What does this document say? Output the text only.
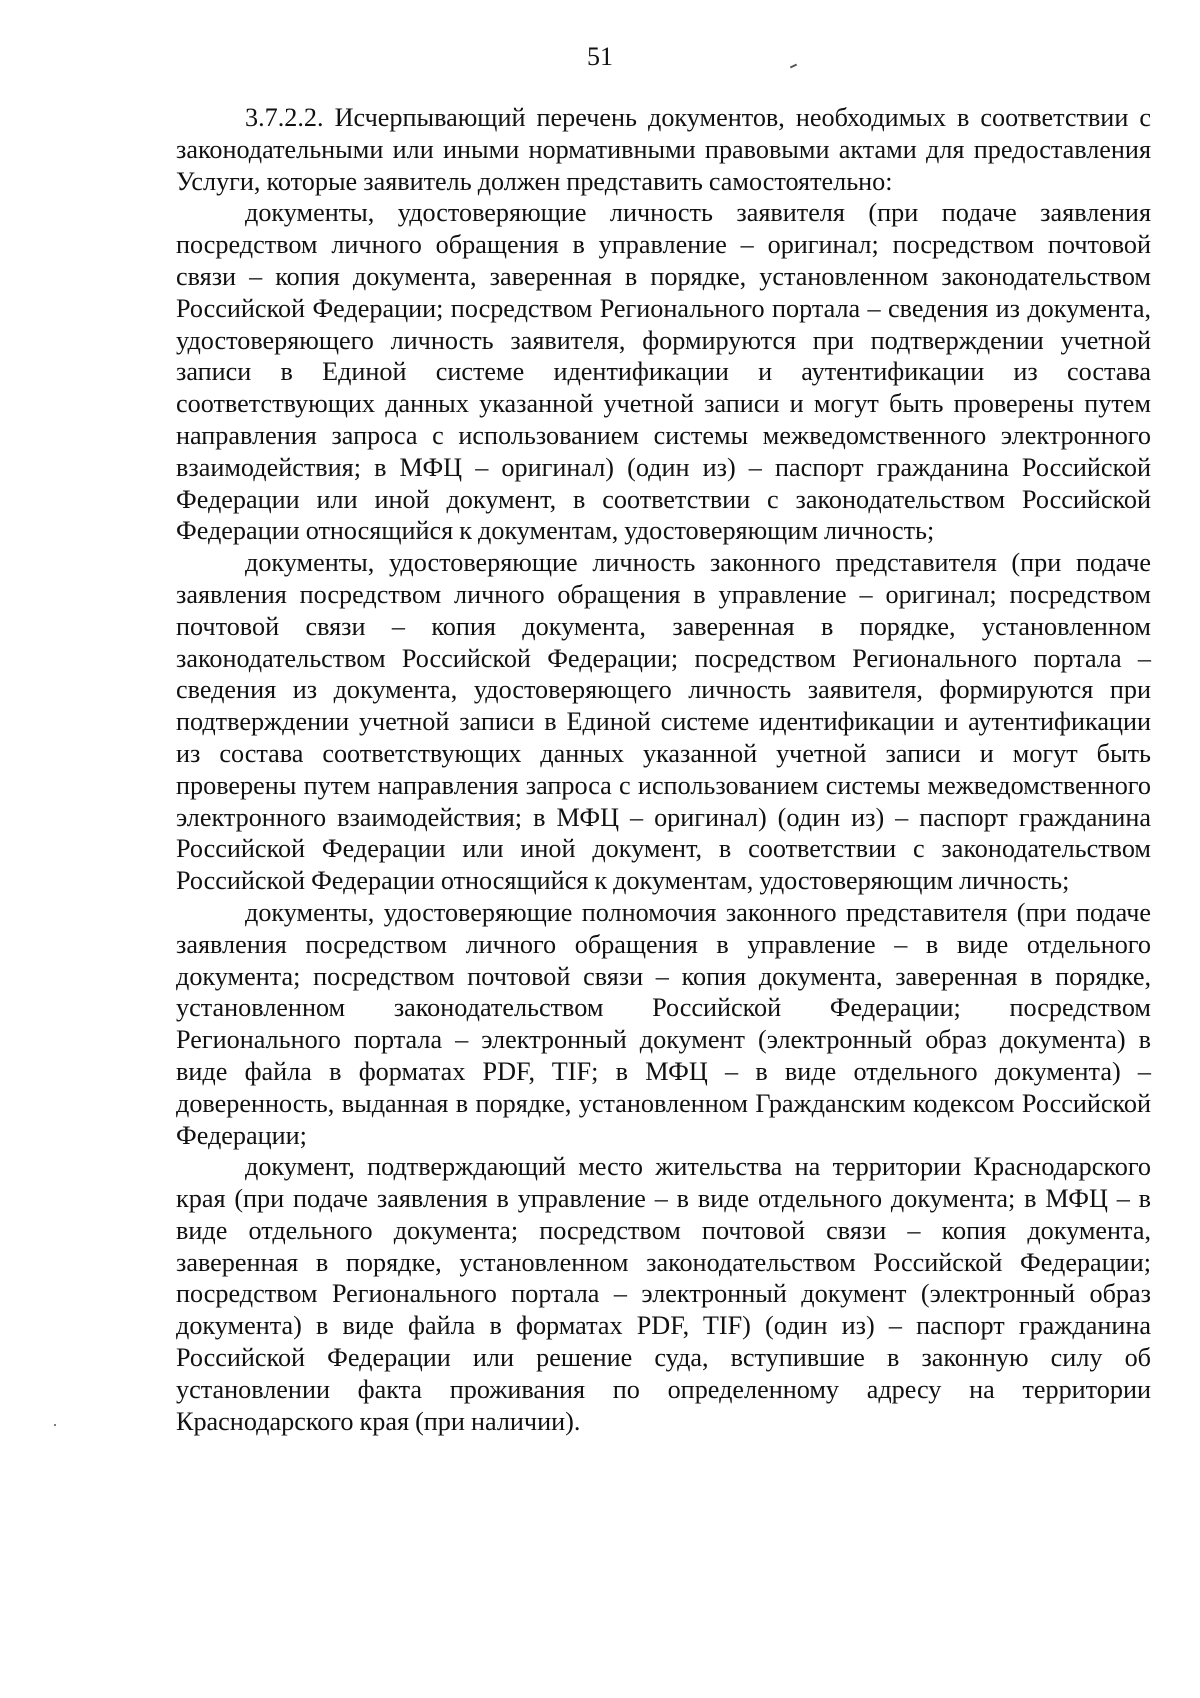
51

3.7.2.2. Исчерпывающий перечень документов, необходимых в соответствии с законодательными или иными нормативными правовыми актами для предоставления Услуги, которые заявитель должен представить самостоятельно:

документы, удостоверяющие личность заявителя (при подаче заявления посредством личного обращения в управление – оригинал; посредством почтовой связи – копия документа, заверенная в порядке, установленном законодательством Российской Федерации; посредством Регионального портала – сведения из документа, удостоверяющего личность заявителя, формируются при подтверждении учетной записи в Единой системе идентификации и аутентификации из состава соответствующих данных указанной учетной записи и могут быть проверены путем направления запроса с использованием системы межведомственного электронного взаимодействия; в МФЦ – оригинал) (один из) – паспорт гражданина Российской Федерации или иной документ, в соответствии с законодательством Российской Федерации относящийся к документам, удостоверяющим личность;

документы, удостоверяющие личность законного представителя (при подаче заявления посредством личного обращения в управление – оригинал; посредством почтовой связи – копия документа, заверенная в порядке, установленном законодательством Российской Федерации; посредством Регионального портала – сведения из документа, удостоверяющего личность заявителя, формируются при подтверждении учетной записи в Единой системе идентификации и аутентификации из состава соответствующих данных указанной учетной записи и могут быть проверены путем направления запроса с использованием системы межведомственного электронного взаимодействия; в МФЦ – оригинал) (один из) – паспорт гражданина Российской Федерации или иной документ, в соответствии с законодательством Российской Федерации относящийся к документам, удостоверяющим личность;

документы, удостоверяющие полномочия законного представителя (при подаче заявления посредством личного обращения в управление – в виде отдельного документа; посредством почтовой связи – копия документа, заверенная в порядке, установленном законодательством Российской Федерации; посредством Регионального портала – электронный документ (электронный образ документа) в виде файла в форматах PDF, TIF; в МФЦ – в виде отдельного документа) – доверенность, выданная в порядке, установленном Гражданским кодексом Российской Федерации;

документ, подтверждающий место жительства на территории Краснодарского края (при подаче заявления в управление – в виде отдельного документа; в МФЦ – в виде отдельного документа; посредством почтовой связи – копия документа, заверенная в порядке, установленном законодательством Российской Федерации; посредством Регионального портала – электронный документ (электронный образ документа) в виде файла в форматах PDF, TIF) (один из) – паспорт гражданина Российской Федерации или решение суда, вступившие в законную силу об установлении факта проживания по определенному адресу на территории Краснодарского края (при наличии).
